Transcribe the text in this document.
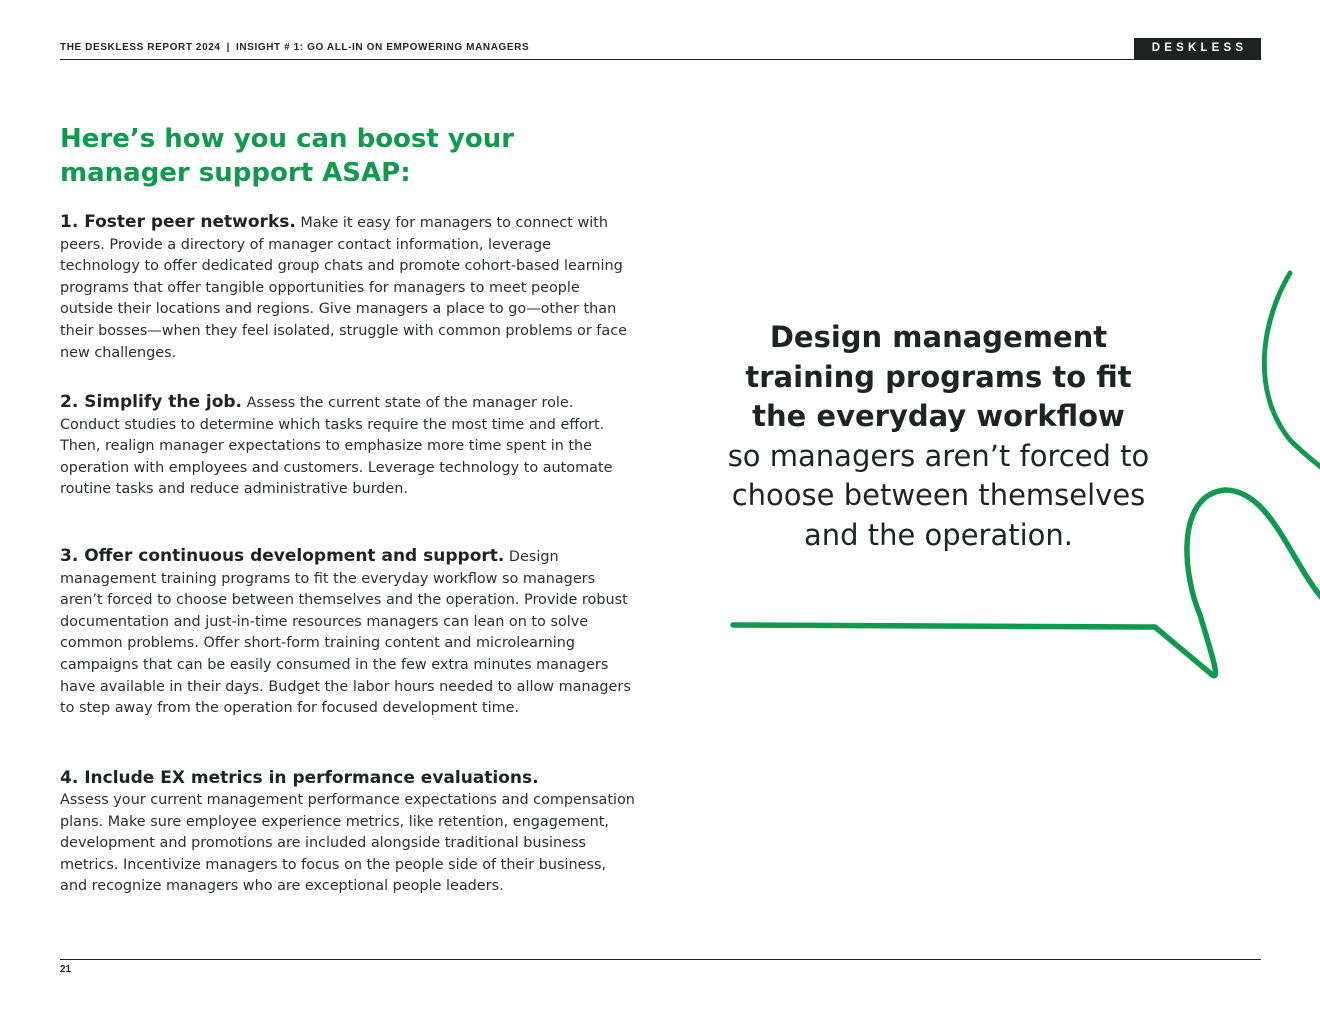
THE DESKLESS REPORT 2024 | INSIGHT # 1: GO ALL-IN ON EMPOWERING MANAGERS	DESKLESS
Here’s how you can boost your manager support ASAP:

1. Foster peer networks. Make it easy for managers to connect with peers. Provide a directory of manager contact information, leverage technology to offer dedicated group chats and promote cohort-based learning programs that offer tangible opportunities for managers to meet people outside their locations and regions. Give managers a place to go—other than their bosses—when they feel isolated, struggle with common problems or face new challenges.

2. Simplify the job. Assess the current state of the manager role. Conduct studies to determine which tasks require the most time and effort. Then, realign manager expectations to emphasize more time spent in the operation with employees and customers. Leverage technology to automate routine tasks and reduce administrative burden.

3. Offer continuous development and support. Design management training programs to fit the everyday workflow so managers aren’t forced to choose between themselves and the operation. Provide robust documentation and just-in-time resources managers can lean on to solve common problems. Offer short-form training content and microlearning campaigns that can be easily consumed in the few extra minutes managers have available in their days. Budget the labor hours needed to allow managers to step away from the operation for focused development time.

4. Include EX metrics in performance evaluations.
Assess your current management performance expectations and compensation plans. Make sure employee experience metrics, like retention, engagement, development and promotions are included alongside traditional business metrics. Incentivize managers to focus on the people side of their business, and recognize managers who are exceptional people leaders.

Design management training programs to fit the everyday workflow
so managers aren’t forced to choose between themselves and the operation.
21
